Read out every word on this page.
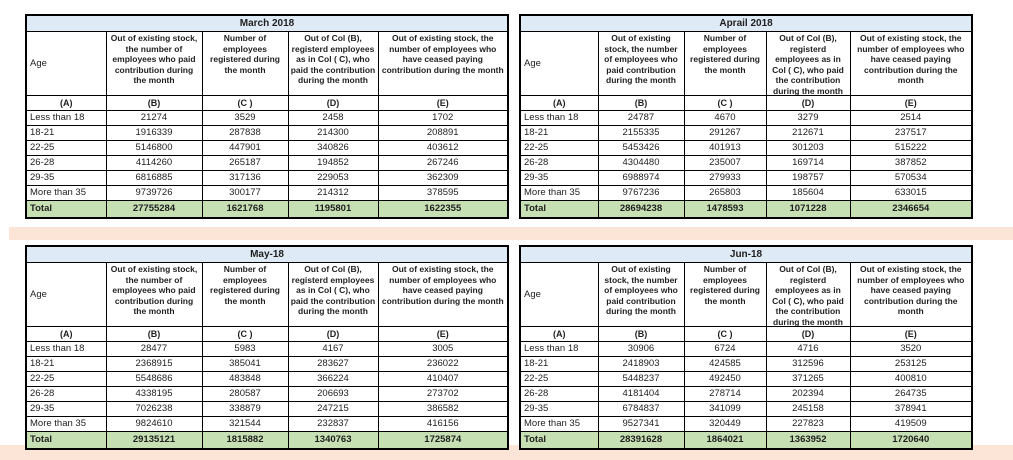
March 2018				

Age	Out of existing stock, the number of employees who paid contribution during the month	Number of employees registered during the month	Out of Col (B), registerd employees as in Col ( C), who paid the contribution during the month	Out of existing stock, the number of employees who have ceased paying contribution during the month

(A)	(B)	(C )	(D)	(E)
Less than 18	21274	3529	2458	1702
18-21	1916339	287838	214300	208891
22-25	5146800	447901	340826	403612
26-28	4114260	265187	194852	267246
29-35	6816885	317136	229053	362309
More than 35	9739726	300177	214312	378595
Total	27755284	1621768	1195801	1622355
Aprail 2018				

Age	Out of existing stock, the number of employees who paid contribution during the month	Number of employees registered during the month	Out of Col (B), registerd employees as in Col ( C), who paid the contribution during the month	Out of existing stock, the number of employees who have ceased paying contribution during the month

(A)	(B)	(C )	(D)	(E)
Less than 18	24787	4670	3279	2514
18-21	2155335	291267	212671	237517
22-25	5453426	401913	301203	515222
26-28	4304480	235007	169714	387852
29-35	6988974	279933	198757	570534
More than 35	9767236	265803	185604	633015
Total	28694238	1478593	1071228	2346654
May-18				

Age	Out of existing stock, the number of employees who paid contribution during the month	Number of employees registered during the month	Out of Col (B), registerd employees as in Col ( C), who paid the contribution during the month	Out of existing stock, the number of employees who have ceased paying contribution during the month

(A)	(B)	(C )	(D)	(E)
Less than 18	28477	5983	4167	3005
18-21	2368915	385041	283627	236022
22-25	5548686	483848	366224	410407
26-28	4338195	280587	206693	273702
29-35	7026238	338879	247215	386582
More than 35	9824610	321544	232837	416156
Total	29135121	1815882	1340763	1725874
Jun-18				

Age	Out of existing stock, the number of employees who paid contribution during the month	Number of employees registered during the month	Out of Col (B), registerd employees as in Col ( C), who paid the contribution during the month	Out of existing stock, the number of employees who have ceased paying contribution during the month

(A)	(B)	(C )	(D)	(E)
Less than 18	30906	6724	4716	3520
18-21	2418903	424585	312596	253125
22-25	5448237	492450	371265	400810
26-28	4181404	278714	202394	264735
29-35	6784837	341099	245158	378941
More than 35	9527341	320449	227823	419509
Total	28391628	1864021	1363952	1720640
